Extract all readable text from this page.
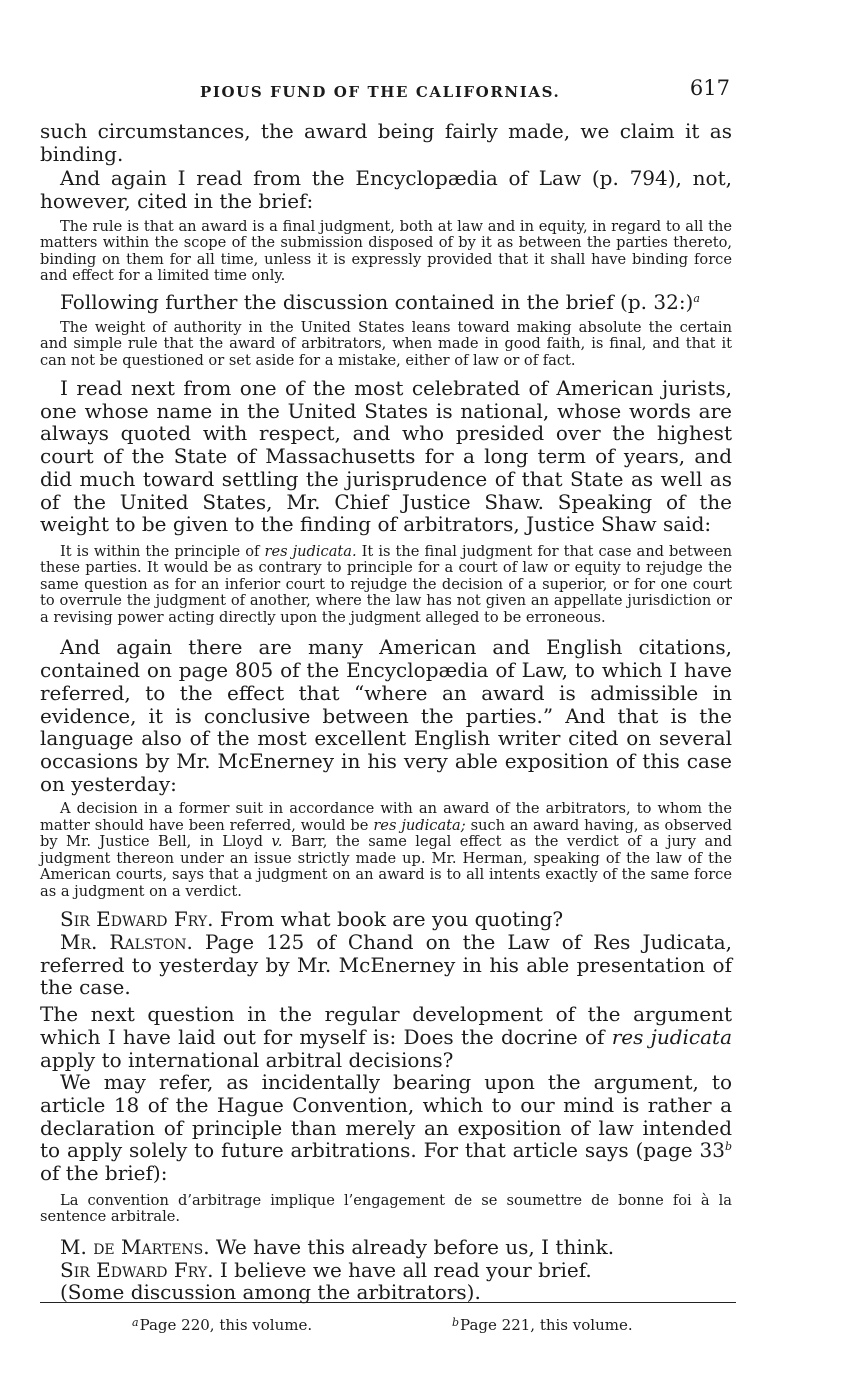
PIOUS FUND OF THE CALIFORNIAS.	617

such circumstances, the award being fairly made, we claim it as binding.

And again I read from the Encyclopædia of Law (p. 794), not, however, cited in the brief:

The rule is that an award is a final judgment, both at law and in equity, in regard to all the matters within the scope of the submission disposed of by it as between the parties thereto, binding on them for all time, unless it is expressly provided that it shall have binding force and effect for a limited time only.

Following further the discussion contained in the brief (p. 32:)$^a$

The weight of authority in the United States leans toward making absolute the certain and simple rule that the award of arbitrators, when made in good faith, is final, and that it can not be questioned or set aside for a mistake, either of law or of fact.

I read next from one of the most celebrated of American jurists, one whose name in the United States is national, whose words are always quoted with respect, and who presided over the highest court of the State of Massachusetts for a long term of years, and did much toward settling the jurisprudence of that State as well as of the United States, Mr. Chief Justice Shaw. Speaking of the weight to be given to the finding of arbitrators, Justice Shaw said:

It is within the principle of res judicata. It is the final judgment for that case and between these parties. It would be as contrary to principle for a court of law or equity to rejudge the same question as for an inferior court to rejudge the decision of a superior, or for one court to overrule the judgment of another, where the law has not given an appellate jurisdiction or a revising power acting directly upon the judgment alleged to be erroneous.

And again there are many American and English citations, contained on page 805 of the Encyclopædia of Law, to which I have referred, to the effect that “where an award is admissible in evidence, it is conclusive between the parties.” And that is the language also of the most excellent English writer cited on several occasions by Mr. McEnerney in his very able exposition of this case on yesterday:

A decision in a former suit in accordance with an award of the arbitrators, to whom the matter should have been referred, would be res judicata; such an award having, as observed by Mr. Justice Bell, in Lloyd v. Barr, the same legal effect as the verdict of a jury and judgment thereon under an issue strictly made up. Mr. Herman, speaking of the law of the American courts, says that a judgment on an award is to all intents exactly of the same force as a judgment on a verdict.

Sir Edward Fry. From what book are you quoting?

Mr. Ralston. Page 125 of Chand on the Law of Res Judicata, referred to yesterday by Mr. McEnerney in his able presentation of the case.

The next question in the regular development of the argument which I have laid out for myself is: Does the docrine of res judicata apply to international arbitral decisions?

We may refer, as incidentally bearing upon the argument, to article 18 of the Hague Convention, which to our mind is rather a declaration of principle than merely an exposition of law intended to apply solely to future arbitrations. For that article says (page 33$^b$ of the brief):

La convention d’arbitrage implique l’engagement de se soumettre de bonne foi à la sentence arbitrale.

M. de Martens. We have this already before us, I think.

Sir Edward Fry. I believe we have all read your brief.

(Some discussion among the arbitrators).

$^a$Page 220, this volume.	$^b$Page 221, this volume.
